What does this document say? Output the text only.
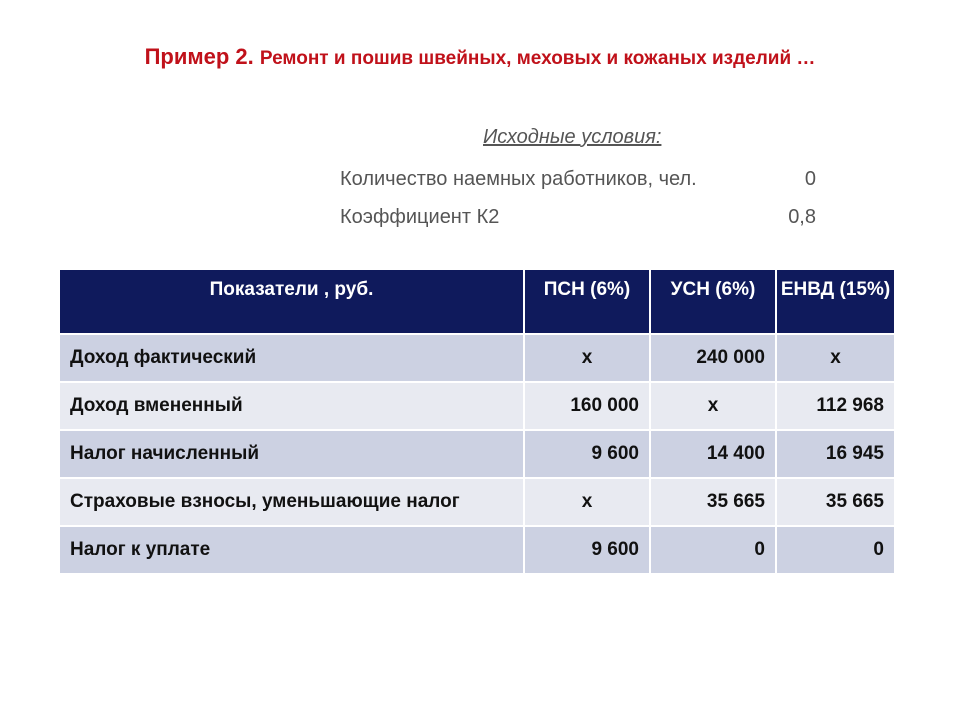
Пример 2. Ремонт и пошив швейных, меховых и кожаных изделий …
Исходные условия:
Количество наемных работников, чел.	0
Коэффициент К2	0,8
Показатели , руб.	ПСН (6%)	УСН (6%)	ЕНВД (15%)
Доход фактический	x	240 000	x
Доход вмененный	160 000	x	112 968
Налог начисленный	9 600	14 400	16 945
Страховые взносы, уменьшающие налог	x	35 665	35 665
Налог к уплате	9 600	0	0
